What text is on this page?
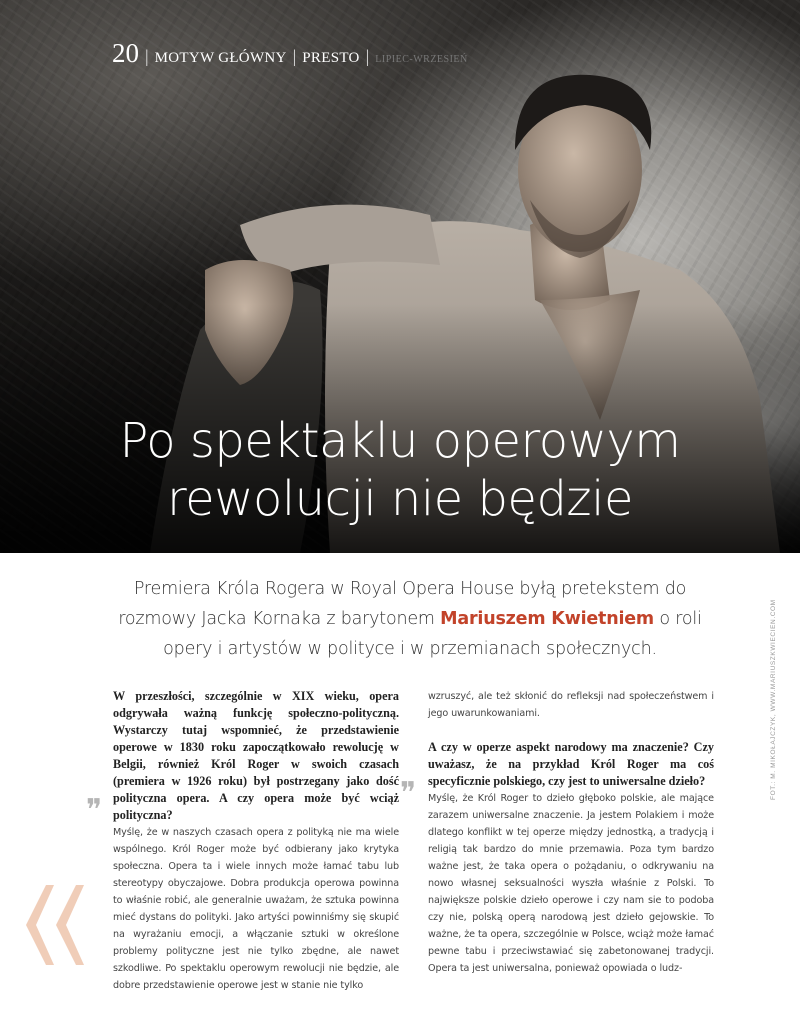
20 | MOTYW GŁÓWNY | PRESTO | LIPIEC-WRZESIEŃ
Po spektaklu operowym
rewolucji nie będzie
FOT.: M. MIKOŁAJCZYK, WWW.MARIUSZKWIECIEN.COM

Premiera Króla Rogera w Royal Opera House byłą pretekstem do rozmowy Jacka Kornaka z barytonem Mariuszem Kwietniem o roli opery i artystów w polityce i w przemianach społecznych.

W przeszłości, szczególnie w XIX wieku, opera odgrywała ważną funkcję społeczno-polityczną. Wystarczy tutaj wspomnieć, że przedstawienie operowe w 1830 roku zapoczątkowało rewolucję w Belgii, również Król Roger w swoich czasach (premiera w 1926 roku) był postrzegany jako dość polityczna opera. A czy opera może być wciąż polityczna?

Myślę, że w naszych czasach opera z polityką nie ma wiele wspólnego. Król Roger może być odbierany jako krytyka społeczna. Opera ta i wiele innych może łamać tabu lub stereotypy obyczajowe. Dobra produkcja operowa powinna to właśnie robić, ale generalnie uważam, że sztuka powinna mieć dystans do polityki. Jako artyści powinniśmy się skupić na wyrażaniu emocji, a włączanie sztuki w określone problemy polityczne jest nie tylko zbędne, ale nawet szkodliwe. Po spektaklu operowym rewolucji nie będzie, ale dobre przedstawienie operowe jest w stanie nie tylko

❞

wzruszyć, ale też skłonić do refleksji nad społeczeństwem i jego uwarunkowaniami.

A czy w operze aspekt narodowy ma znaczenie? Czy uważasz, że na przykład Król Roger ma coś specyficznie polskiego, czy jest to uniwersalne dzieło?

Myślę, że Król Roger to dzieło głęboko polskie, ale mające zarazem uniwersalne znaczenie. Ja jestem Polakiem i może dlatego konflikt w tej operze między jednostką, a tradycją i religią tak bardzo do mnie przemawia. Poza tym bardzo ważne jest, że taka opera o pożądaniu, o odkrywaniu na nowo własnej seksualności wyszła właśnie z Polski. To największe polskie dzieło operowe i czy nam sie to podoba czy nie, polską operą narodową jest dzieło gejowskie. To ważne, że ta opera, szczególnie w Polsce, wciąż może łamać pewne tabu i przeciwstawiać się zabetonowanej tradycji. Opera ta jest uniwersalna, ponieważ opowiada o ludz-

❞
